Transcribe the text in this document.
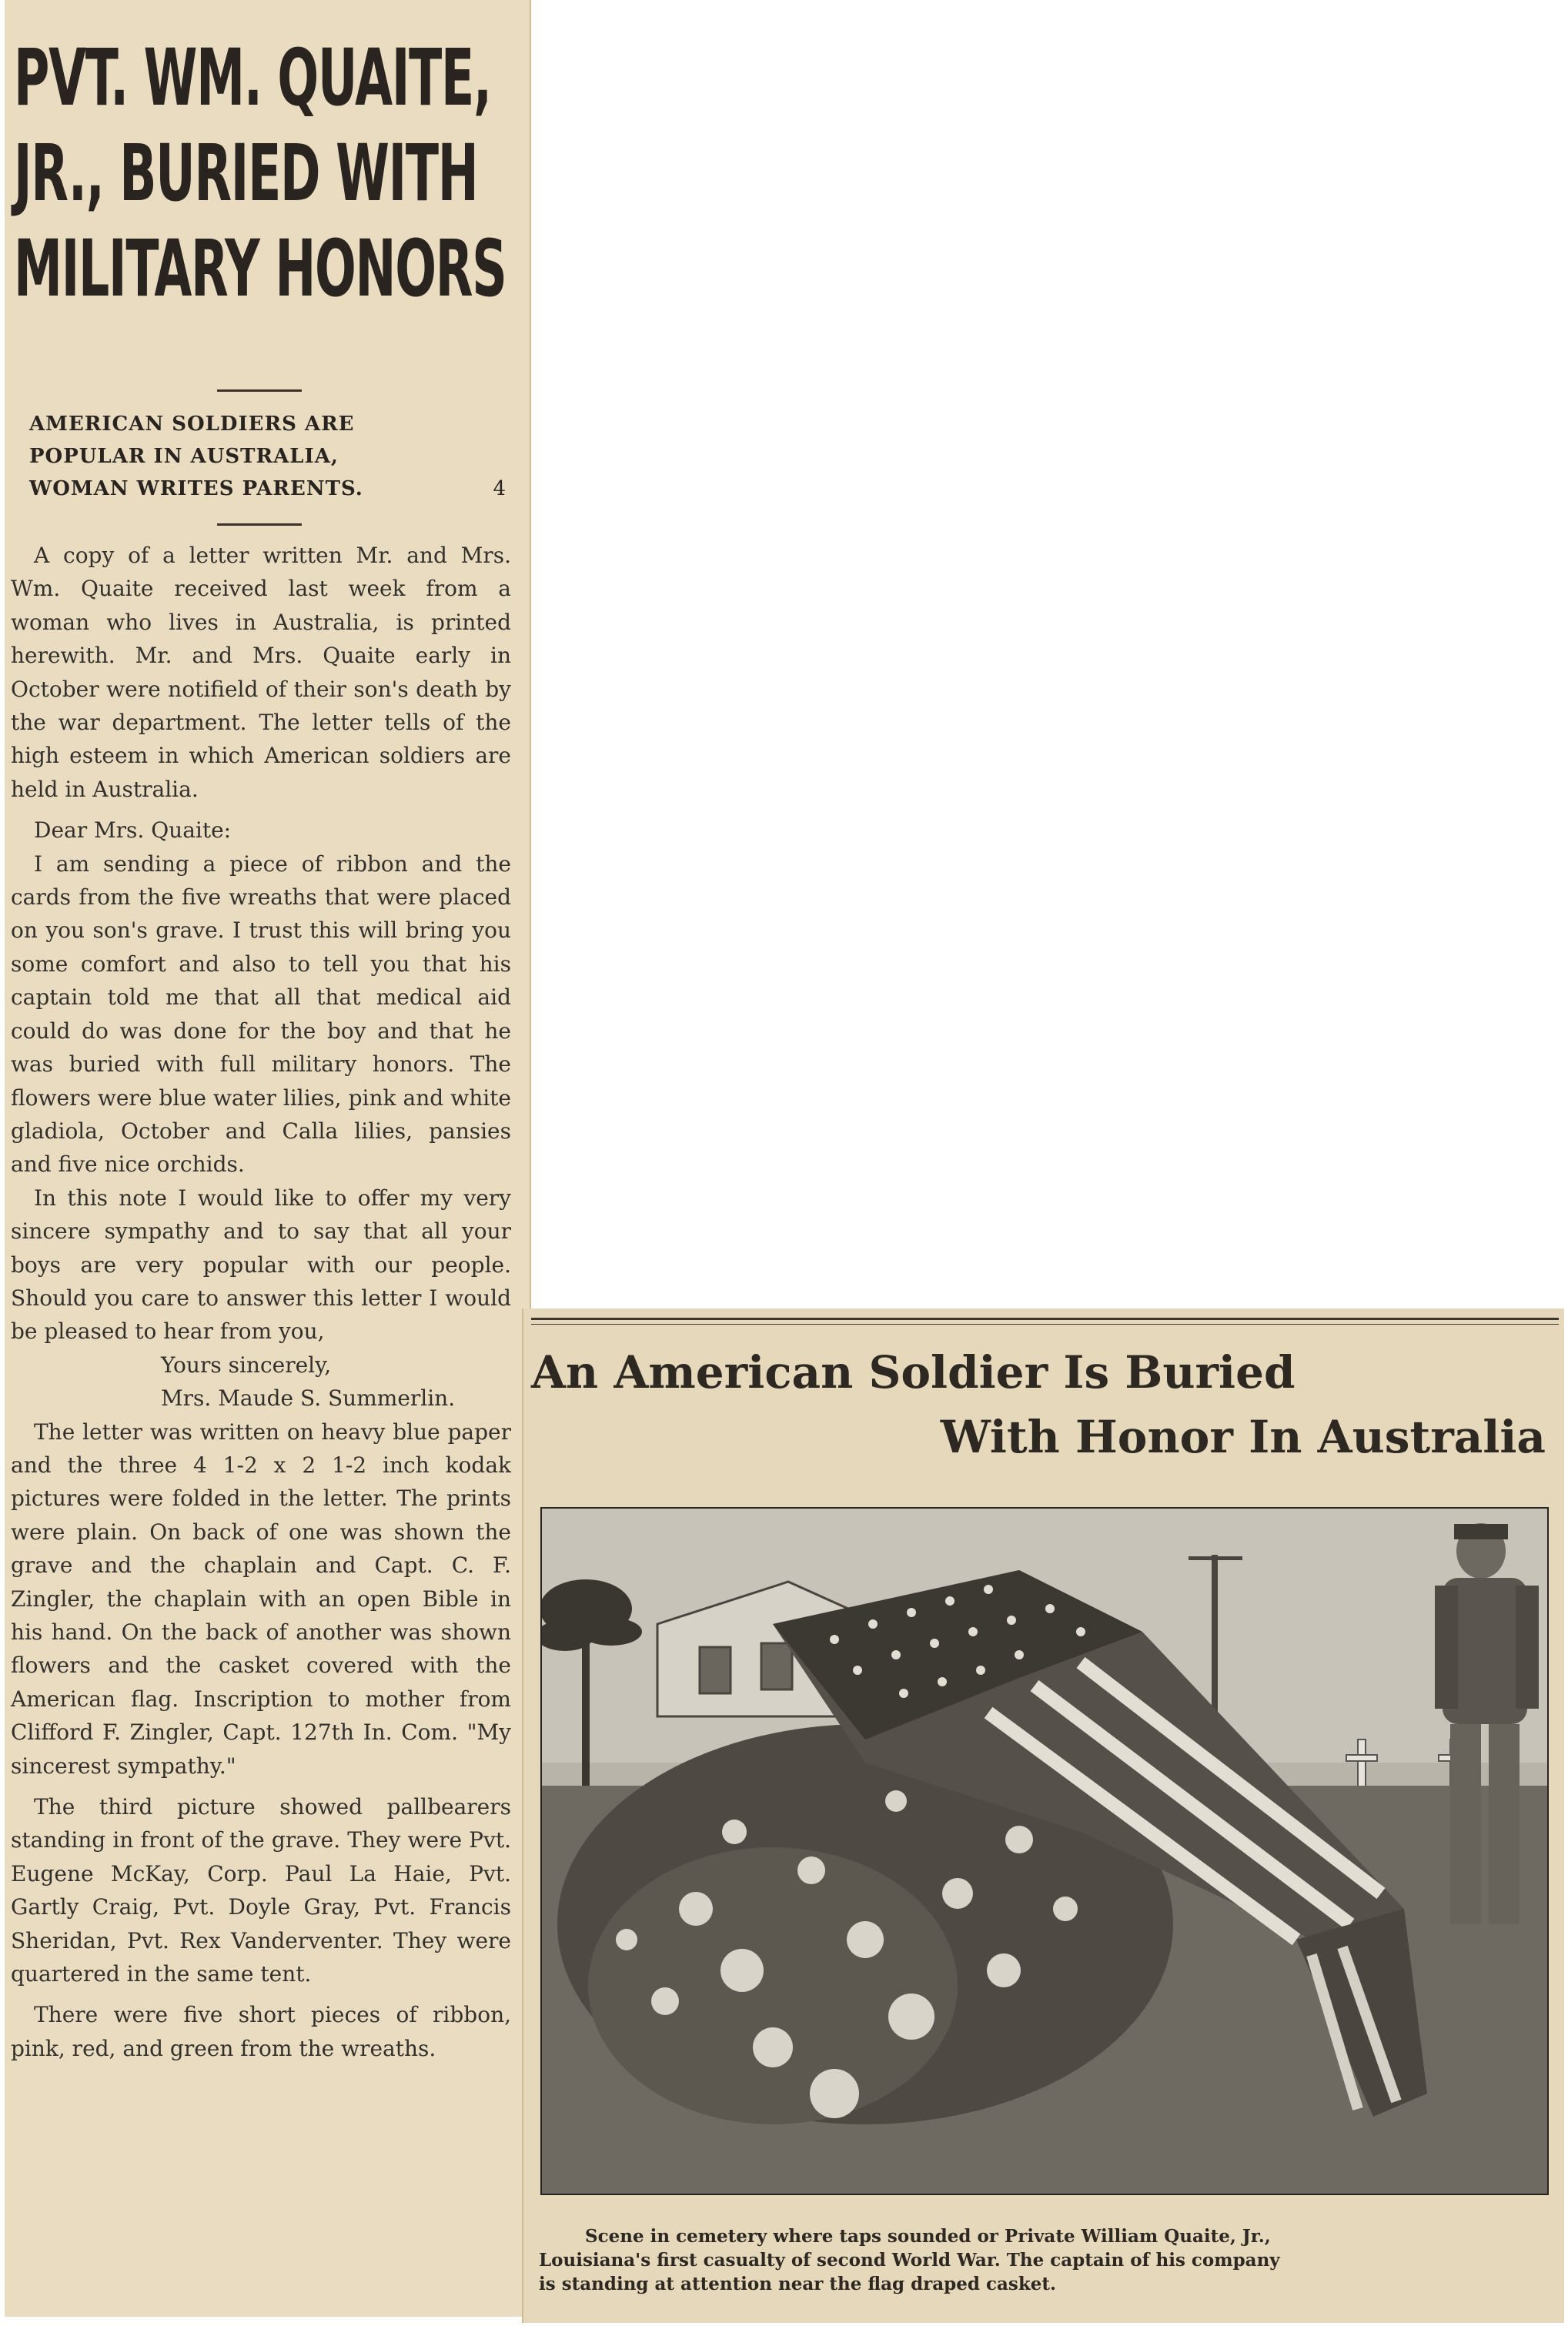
PVT. WM. QUAITE,
JR., BURIED WITH
MILITARY HONORS
AMERICAN SOLDIERS ARE
POPULAR IN AUSTRALIA,
WOMAN WRITES PARENTS.	4

A copy of a letter written Mr. and Mrs. Wm. Quaite received last week from a woman who lives in Australia, is printed herewith. Mr. and Mrs. Quaite early in October were notifield of their son's death by the war department. The letter tells of the high esteem in which American soldiers are held in Australia.

Dear Mrs. Quaite:

I am sending a piece of ribbon and the cards from the five wreaths that were placed on you son's grave. I trust this will bring you some comfort and also to tell you that his captain told me that all that medical aid could do was done for the boy and that he was buried with full military honors. The flowers were blue water lilies, pink and white gladiola, October and Calla lilies, pansies and five nice orchids.

In this note I would like to offer my very sincere sympathy and to say that all your boys are very popular with our people. Should you care to answer this letter I would be pleased to hear from you,

Yours sincerely,

Mrs. Maude S. Summerlin.

The letter was written on heavy blue paper and the three 4 1-2 x 2 1-2 inch kodak pictures were folded in the letter. The prints were plain. On back of one was shown the grave and the chaplain and Capt. C. F. Zingler, the chaplain with an open Bible in his hand. On the back of another was shown flowers and the casket covered with the American flag. Inscription to mother from Clifford F. Zingler, Capt. 127th In. Com. "My sincerest sympathy."

The third picture showed pallbearers standing in front of the grave. They were Pvt. Eugene McKay, Corp. Paul La Haie, Pvt. Gartly Craig, Pvt. Doyle Gray, Pvt. Francis Sheridan, Pvt. Rex Vanderventer. They were quartered in the same tent.

There were five short pieces of ribbon, pink, red, and green from the wreaths.

An American Soldier Is Buried
With Honor In Australia
Scene in cemetery where taps sounded or Private William Quaite, Jr.,
Louisiana's first casualty of second World War. The captain of his company
is standing at attention near the flag draped casket.
